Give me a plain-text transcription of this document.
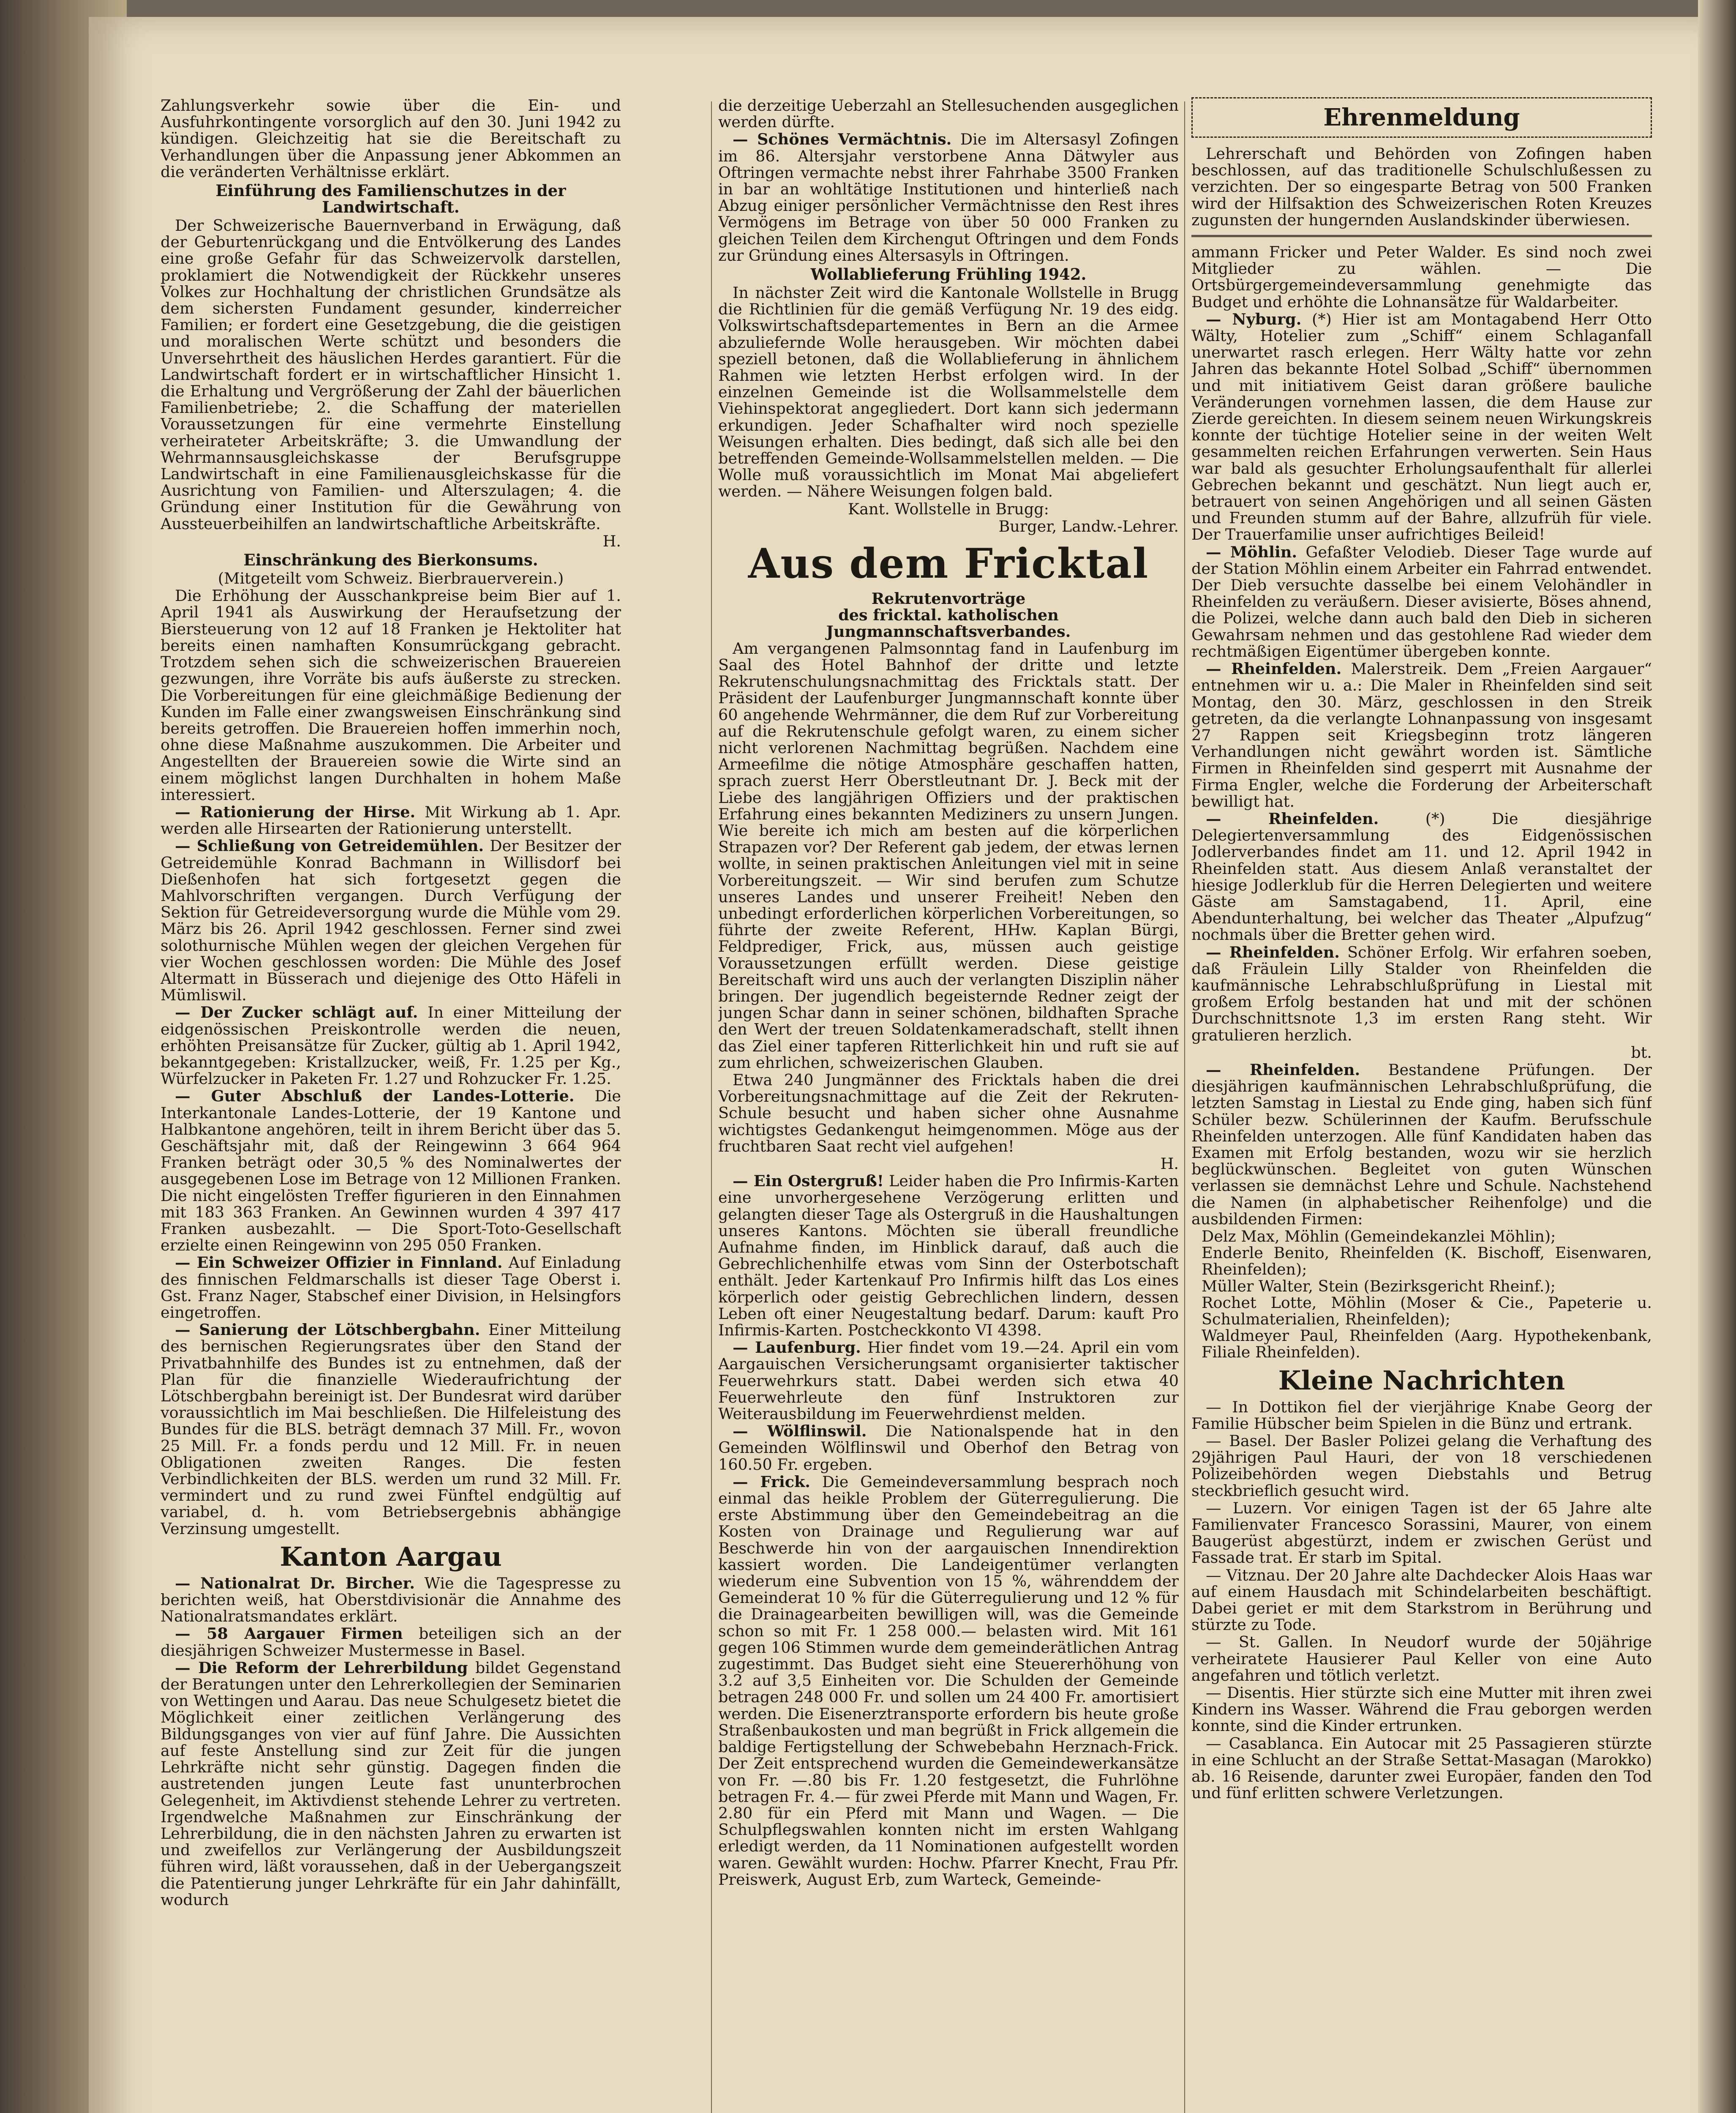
Zahlungsverkehr sowie über die Ein- und Ausfuhrkontingente vorsorglich auf den 30. Juni 1942 zu kündigen. Gleichzeitig hat sie die Bereitschaft zu Verhandlungen über die Anpassung jener Abkommen an die veränderten Verhältnisse erklärt.

Einführung des Familienschutzes in der Landwirtschaft.

Der Schweizerische Bauernverband in Erwägung, daß der Geburtenrückgang und die Entvölkerung des Landes eine große Gefahr für das Schweizervolk darstellen, proklamiert die Notwendigkeit der Rückkehr unseres Volkes zur Hochhaltung der christlichen Grundsätze als dem sichersten Fundament gesunder, kinderreicher Familien; er fordert eine Gesetzgebung, die die geistigen und moralischen Werte schützt und besonders die Unversehrtheit des häuslichen Herdes garantiert. Für die Landwirtschaft fordert er in wirtschaftlicher Hinsicht 1. die Erhaltung und Vergrößerung der Zahl der bäuerlichen Familienbetriebe; 2. die Schaffung der materiellen Voraussetzungen für eine vermehrte Einstellung verheirateter Arbeitskräfte; 3. die Umwandlung der Wehrmannsausgleichskasse der Berufsgruppe Landwirtschaft in eine Familienausgleichskasse für die Ausrichtung von Familien- und Alterszulagen; 4. die Gründung einer Institution für die Gewährung von Aussteuerbeihilfen an landwirtschaftliche Arbeitskräfte.

H.

Einschränkung des Bierkonsums.

(Mitgeteilt vom Schweiz. Bierbrauerverein.)

Die Erhöhung der Ausschankpreise beim Bier auf 1. April 1941 als Auswirkung der Heraufsetzung der Biersteuerung von 12 auf 18 Franken je Hektoliter hat bereits einen namhaften Konsumrückgang gebracht. Trotzdem sehen sich die schweizerischen Brauereien gezwungen, ihre Vorräte bis aufs äußerste zu strecken. Die Vorbereitungen für eine gleichmäßige Bedienung der Kunden im Falle einer zwangsweisen Einschränkung sind bereits getroffen. Die Brauereien hoffen immerhin noch, ohne diese Maßnahme auszukommen. Die Arbeiter und Angestellten der Brauereien sowie die Wirte sind an einem möglichst langen Durchhalten in hohem Maße interessiert.

— Rationierung der Hirse. Mit Wirkung ab 1. Apr. werden alle Hirsearten der Rationierung unterstellt.

— Schließung von Getreidemühlen. Der Besitzer der Getreidemühle Konrad Bachmann in Willisdorf bei Dießenhofen hat sich fortgesetzt gegen die Mahlvorschriften vergangen. Durch Verfügung der Sektion für Getreideversorgung wurde die Mühle vom 29. März bis 26. April 1942 geschlossen. Ferner sind zwei solothurnische Mühlen wegen der gleichen Vergehen für vier Wochen geschlossen worden: Die Mühle des Josef Altermatt in Büsserach und diejenige des Otto Häfeli in Mümliswil.

— Der Zucker schlägt auf. In einer Mitteilung der eidgenössischen Preiskontrolle werden die neuen, erhöhten Preisansätze für Zucker, gültig ab 1. April 1942, bekanntgegeben: Kristallzucker, weiß, Fr. 1.25 per Kg., Würfelzucker in Paketen Fr. 1.27 und Rohzucker Fr. 1.25.

— Guter Abschluß der Landes-Lotterie. Die Interkantonale Landes-Lotterie, der 19 Kantone und Halbkantone angehören, teilt in ihrem Bericht über das 5. Geschäftsjahr mit, daß der Reingewinn 3 664 964 Franken beträgt oder 30,5 % des Nominalwertes der ausgegebenen Lose im Betrage von 12 Millionen Franken. Die nicht eingelösten Treffer figurieren in den Einnahmen mit 183 363 Franken. An Gewinnen wurden 4 397 417 Franken ausbezahlt. — Die Sport-Toto-Gesellschaft erzielte einen Reingewinn von 295 050 Franken.

— Ein Schweizer Offizier in Finnland. Auf Einladung des finnischen Feldmarschalls ist dieser Tage Oberst i. Gst. Franz Nager, Stabschef einer Division, in Helsingfors eingetroffen.

— Sanierung der Lötschbergbahn. Einer Mitteilung des bernischen Regierungsrates über den Stand der Privatbahnhilfe des Bundes ist zu entnehmen, daß der Plan für die finanzielle Wiederaufrichtung der Lötschbergbahn bereinigt ist. Der Bundesrat wird darüber voraussichtlich im Mai beschließen. Die Hilfeleistung des Bundes für die BLS. beträgt demnach 37 Mill. Fr., wovon 25 Mill. Fr. a fonds perdu und 12 Mill. Fr. in neuen Obligationen zweiten Ranges. Die festen Verbindlichkeiten der BLS. werden um rund 32 Mill. Fr. vermindert und zu rund zwei Fünftel endgültig auf variabel, d. h. vom Betriebsergebnis abhängige Verzinsung umgestellt.

Kanton Aargau

— Nationalrat Dr. Bircher. Wie die Tagespresse zu berichten weiß, hat Oberstdivisionär die Annahme des Nationalratsmandates erklärt.

— 58 Aargauer Firmen beteiligen sich an der diesjährigen Schweizer Mustermesse in Basel.

— Die Reform der Lehrerbildung bildet Gegenstand der Beratungen unter den Lehrerkollegien der Seminarien von Wettingen und Aarau. Das neue Schulgesetz bietet die Möglichkeit einer zeitlichen Verlängerung des Bildungsganges von vier auf fünf Jahre. Die Aussichten auf feste Anstellung sind zur Zeit für die jungen Lehrkräfte nicht sehr günstig. Dagegen finden die austretenden jungen Leute fast ununterbrochen Gelegenheit, im Aktivdienst stehende Lehrer zu vertreten. Irgendwelche Maßnahmen zur Einschränkung der Lehrerbildung, die in den nächsten Jahren zu erwarten ist und zweifellos zur Verlängerung der Ausbildungszeit führen wird, läßt voraussehen, daß in der Uebergangszeit die Patentierung junger Lehrkräfte für ein Jahr dahinfällt, wodurch

die derzeitige Ueberzahl an Stellesuchenden ausgeglichen werden dürfte.

— Schönes Vermächtnis. Die im Altersasyl Zofingen im 86. Altersjahr verstorbene Anna Dätwyler aus Oftringen vermachte nebst ihrer Fahrhabe 3500 Franken in bar an wohltätige Institutionen und hinterließ nach Abzug einiger persönlicher Vermächtnisse den Rest ihres Vermögens im Betrage von über 50 000 Franken zu gleichen Teilen dem Kirchengut Oftringen und dem Fonds zur Gründung eines Altersasyls in Oftringen.

Wollablieferung Frühling 1942.

In nächster Zeit wird die Kantonale Wollstelle in Brugg die Richtlinien für die gemäß Verfügung Nr. 19 des eidg. Volkswirtschaftsdepartementes in Bern an die Armee abzuliefernde Wolle herausgeben. Wir möchten dabei speziell betonen, daß die Wollablieferung in ähnlichem Rahmen wie letzten Herbst erfolgen wird. In der einzelnen Gemeinde ist die Wollsammelstelle dem Viehinspektorat angegliedert. Dort kann sich jedermann erkundigen. Jeder Schafhalter wird noch spezielle Weisungen erhalten. Dies bedingt, daß sich alle bei den betreffenden Gemeinde-Wollsammelstellen melden. — Die Wolle muß voraussichtlich im Monat Mai abgeliefert werden. — Nähere Weisungen folgen bald.

Kant. Wollstelle in Brugg:

Burger, Landw.-Lehrer.

Aus dem Fricktal

Rekrutenvorträge

des fricktal. katholischen Jungmannschaftsverbandes.

Am vergangenen Palmsonntag fand in Laufenburg im Saal des Hotel Bahnhof der dritte und letzte Rekrutenschulungsnachmittag des Fricktals statt. Der Präsident der Laufenburger Jungmannschaft konnte über 60 angehende Wehrmänner, die dem Ruf zur Vorbereitung auf die Rekrutenschule gefolgt waren, zu einem sicher nicht verlorenen Nachmittag begrüßen. Nachdem eine Armeefilme die nötige Atmosphäre geschaffen hatten, sprach zuerst Herr Oberstleutnant Dr. J. Beck mit der Liebe des langjährigen Offiziers und der praktischen Erfahrung eines bekannten Mediziners zu unsern Jungen. Wie bereite ich mich am besten auf die körperlichen Strapazen vor? Der Referent gab jedem, der etwas lernen wollte, in seinen praktischen Anleitungen viel mit in seine Vorbereitungszeit. — Wir sind berufen zum Schutze unseres Landes und unserer Freiheit! Neben den unbedingt erforderlichen körperlichen Vorbereitungen, so führte der zweite Referent, HHw. Kaplan Bürgi, Feldprediger, Frick, aus, müssen auch geistige Voraussetzungen erfüllt werden. Diese geistige Bereitschaft wird uns auch der verlangten Disziplin näher bringen. Der jugendlich begeisternde Redner zeigt der jungen Schar dann in seiner schönen, bildhaften Sprache den Wert der treuen Soldatenkameradschaft, stellt ihnen das Ziel einer tapferen Ritterlichkeit hin und ruft sie auf zum ehrlichen, schweizerischen Glauben.

Etwa 240 Jungmänner des Fricktals haben die drei Vorbereitungsnachmittage auf die Zeit der Rekruten-Schule besucht und haben sicher ohne Ausnahme wichtigstes Gedankengut heimgenommen. Möge aus der fruchtbaren Saat recht viel aufgehen!

H.

— Ein Ostergruß! Leider haben die Pro Infirmis-Karten eine unvorhergesehene Verzögerung erlitten und gelangten dieser Tage als Ostergruß in die Haushaltungen unseres Kantons. Möchten sie überall freundliche Aufnahme finden, im Hinblick darauf, daß auch die Gebrechlichenhilfe etwas vom Sinn der Osterbotschaft enthält. Jeder Kartenkauf Pro Infirmis hilft das Los eines körperlich oder geistig Gebrechlichen lindern, dessen Leben oft einer Neugestaltung bedarf. Darum: kauft Pro Infirmis-Karten. Postcheckkonto VI 4398.

— Laufenburg. Hier findet vom 19.—24. April ein vom Aargauischen Versicherungsamt organisierter taktischer Feuerwehrkurs statt. Dabei werden sich etwa 40 Feuerwehrleute den fünf Instruktoren zur Weiterausbildung im Feuerwehrdienst melden.

— Wölflinswil. Die Nationalspende hat in den Gemeinden Wölflinswil und Oberhof den Betrag von 160.50 Fr. ergeben.

— Frick. Die Gemeindeversammlung besprach noch einmal das heikle Problem der Güterregulierung. Die erste Abstimmung über den Gemeindebeitrag an die Kosten von Drainage und Regulierung war auf Beschwerde hin von der aargauischen Innendirektion kassiert worden. Die Landeigentümer verlangten wiederum eine Subvention von 15 %, währenddem der Gemeinderat 10 % für die Güterregulierung und 12 % für die Drainagearbeiten bewilligen will, was die Gemeinde schon so mit Fr. 1 258 000.— belasten wird. Mit 161 gegen 106 Stimmen wurde dem gemeinderätlichen Antrag zugestimmt. Das Budget sieht eine Steuererhöhung von 3.2 auf 3,5 Einheiten vor. Die Schulden der Gemeinde betragen 248 000 Fr. und sollen um 24 400 Fr. amortisiert werden. Die Eisenerztransporte erfordern bis heute große Straßenbaukosten und man begrüßt in Frick allgemein die baldige Fertigstellung der Schwebebahn Herznach-Frick. Der Zeit entsprechend wurden die Gemeindewerkansätze von Fr. —.80 bis Fr. 1.20 festgesetzt, die Fuhrlöhne betragen Fr. 4.— für zwei Pferde mit Mann und Wagen, Fr. 2.80 für ein Pferd mit Mann und Wagen. — Die Schulpflegswahlen konnten nicht im ersten Wahlgang erledigt werden, da 11 Nominationen aufgestellt worden waren. Gewählt wurden: Hochw. Pfarrer Knecht, Frau Pfr. Preiswerk, August Erb, zum Warteck, Gemeinde-

Ehrenmeldung

Lehrerschaft und Behörden von Zofingen haben beschlossen, auf das traditionelle Schulschlußessen zu verzichten. Der so eingesparte Betrag von 500 Franken wird der Hilfsaktion des Schweizerischen Roten Kreuzes zugunsten der hungernden Auslandskinder überwiesen.

ammann Fricker und Peter Walder. Es sind noch zwei Mitglieder zu wählen. — Die Ortsbürgergemeindeversammlung genehmigte das Budget und erhöhte die Lohnansätze für Waldarbeiter.

— Nyburg. (*) Hier ist am Montagabend Herr Otto Wälty, Hotelier zum „Schiff“ einem Schlaganfall unerwartet rasch erlegen. Herr Wälty hatte vor zehn Jahren das bekannte Hotel Solbad „Schiff“ übernommen und mit initiativem Geist daran größere bauliche Veränderungen vornehmen lassen, die dem Hause zur Zierde gereichten. In diesem seinem neuen Wirkungskreis konnte der tüchtige Hotelier seine in der weiten Welt gesammelten reichen Erfahrungen verwerten. Sein Haus war bald als gesuchter Erholungsaufenthalt für allerlei Gebrechen bekannt und geschätzt. Nun liegt auch er, betrauert von seinen Angehörigen und all seinen Gästen und Freunden stumm auf der Bahre, allzufrüh für viele. Der Trauerfamilie unser aufrichtiges Beileid!

— Möhlin. Gefaßter Velodieb. Dieser Tage wurde auf der Station Möhlin einem Arbeiter ein Fahrrad entwendet. Der Dieb versuchte dasselbe bei einem Velohändler in Rheinfelden zu veräußern. Dieser avisierte, Böses ahnend, die Polizei, welche dann auch bald den Dieb in sicheren Gewahrsam nehmen und das gestohlene Rad wieder dem rechtmäßigen Eigentümer übergeben konnte.

— Rheinfelden. Malerstreik. Dem „Freien Aargauer“ entnehmen wir u. a.: Die Maler in Rheinfelden sind seit Montag, den 30. März, geschlossen in den Streik getreten, da die verlangte Lohnanpassung von insgesamt 27 Rappen seit Kriegsbeginn trotz längeren Verhandlungen nicht gewährt worden ist. Sämtliche Firmen in Rheinfelden sind gesperrt mit Ausnahme der Firma Engler, welche die Forderung der Arbeiterschaft bewilligt hat.

— Rheinfelden. (*) Die diesjährige Delegiertenversammlung des Eidgenössischen Jodlerverbandes findet am 11. und 12. April 1942 in Rheinfelden statt. Aus diesem Anlaß veranstaltet der hiesige Jodlerklub für die Herren Delegierten und weitere Gäste am Samstagabend, 11. April, eine Abendunterhaltung, bei welcher das Theater „Alpufzug“ nochmals über die Bretter gehen wird.

— Rheinfelden. Schöner Erfolg. Wir erfahren soeben, daß Fräulein Lilly Stalder von Rheinfelden die kaufmännische Lehrabschlußprüfung in Liestal mit großem Erfolg bestanden hat und mit der schönen Durchschnittsnote 1,3 im ersten Rang steht. Wir gratulieren herzlich.

bt.

— Rheinfelden. Bestandene Prüfungen. Der diesjährigen kaufmännischen Lehrabschlußprüfung, die letzten Samstag in Liestal zu Ende ging, haben sich fünf Schüler bezw. Schülerinnen der Kaufm. Berufsschule Rheinfelden unterzogen. Alle fünf Kandidaten haben das Examen mit Erfolg bestanden, wozu wir sie herzlich beglückwünschen. Begleitet von guten Wünschen verlassen sie demnächst Lehre und Schule. Nachstehend die Namen (in alphabetischer Reihenfolge) und die ausbildenden Firmen:

Delz Max, Möhlin (Gemeindekanzlei Möhlin);

Enderle Benito, Rheinfelden (K. Bischoff, Eisenwaren, Rheinfelden);

Müller Walter, Stein (Bezirksgericht Rheinf.);

Rochet Lotte, Möhlin (Moser & Cie., Papeterie u. Schulmaterialien, Rheinfelden);

Waldmeyer Paul, Rheinfelden (Aarg. Hypothekenbank, Filiale Rheinfelden).

Kleine Nachrichten

— In Dottikon fiel der vierjährige Knabe Georg der Familie Hübscher beim Spielen in die Bünz und ertrank.

— Basel. Der Basler Polizei gelang die Verhaftung des 29jährigen Paul Hauri, der von 18 verschiedenen Polizeibehörden wegen Diebstahls und Betrug steckbrieflich gesucht wird.

— Luzern. Vor einigen Tagen ist der 65 Jahre alte Familienvater Francesco Sorassini, Maurer, von einem Baugerüst abgestürzt, indem er zwischen Gerüst und Fassade trat. Er starb im Spital.

— Vitznau. Der 20 Jahre alte Dachdecker Alois Haas war auf einem Hausdach mit Schindelarbeiten beschäftigt. Dabei geriet er mit dem Starkstrom in Berührung und stürzte zu Tode.

— St. Gallen. In Neudorf wurde der 50jährige verheiratete Hausierer Paul Keller von eine Auto angefahren und tötlich verletzt.

— Disentis. Hier stürzte sich eine Mutter mit ihren zwei Kindern ins Wasser. Während die Frau geborgen werden konnte, sind die Kinder ertrunken.

— Casablanca. Ein Autocar mit 25 Passagieren stürzte in eine Schlucht an der Straße Settat-Masagan (Marokko) ab. 16 Reisende, darunter zwei Europäer, fanden den Tod und fünf erlitten schwere Verletzungen.
